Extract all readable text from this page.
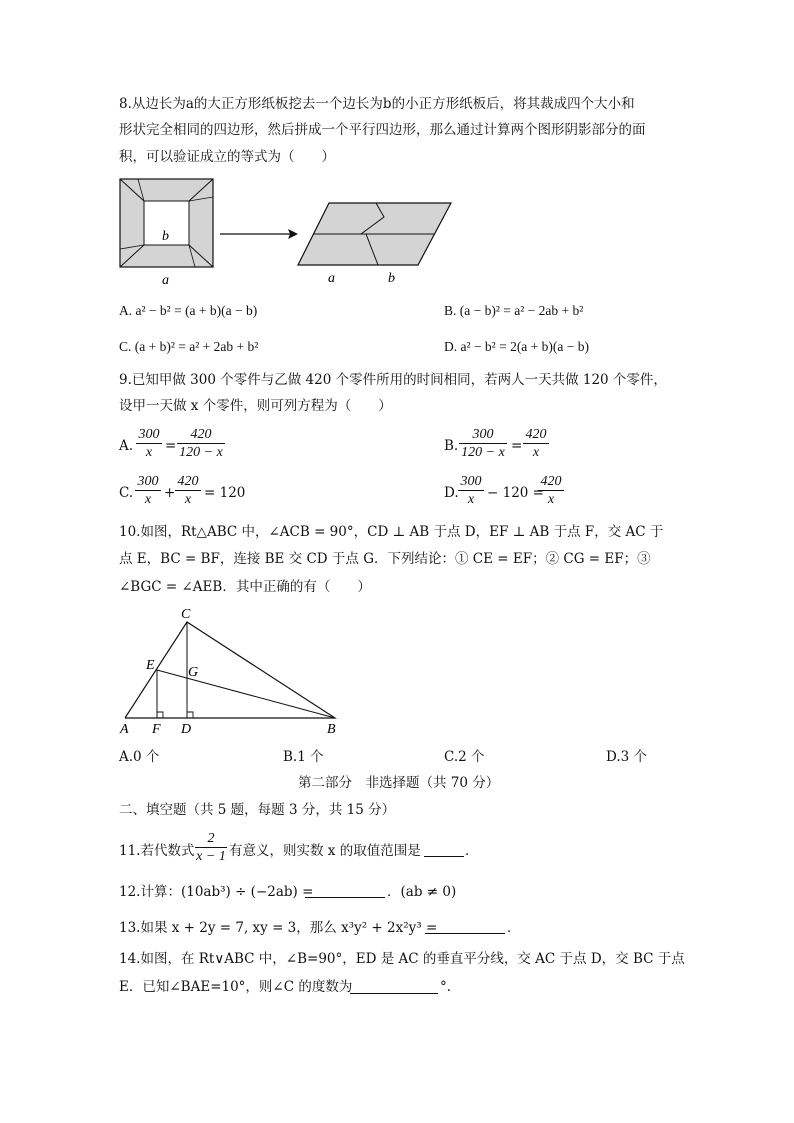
8.从边长为a的大正方形纸板挖去一个边长为b的小正方形纸板后，将其裁成四个大小和
形状完全相同的四边形，然后拼成一个平行四边形，那么通过计算两个图形阴影部分的面
积，可以验证成立的等式为（　　）
b
a	a	b
A. a² − b² = (a + b)(a − b)	B. (a − b)² = a² − 2ab + b²
C. (a + b)² = a² + 2ab + b²	D. a² − b² = 2(a + b)(a − b)
9.已知甲做 300 个零件与乙做 420 个零件所用的时间相同，若两人一天共做 120 个零件，
设甲一天做 x 个零件，则可列方程为（　　）
A. $\frac{300}{x} = \frac{420}{120 - x}$	B. $\frac{300}{120 - x} = \frac{420}{x}$
C. $\frac{300}{x} + \frac{420}{x} = 120$	D. $\frac{300}{x} - 120$ =
$\frac{420}{x}$
10.如图，Rt△ABC 中，∠ACB = 90°，CD ⊥ AB 于点 D，EF ⊥ AB 于点 F，交 AC 于
点 E，BC = BF，连接 BE 交 CD 于点 G．下列结论：① CE = EF；② CG = EF；③
∠BGC = ∠AEB．其中正确的有（　　）
C
E G
A F D	B
A.0 个	B.1 个	C.2 个	D.3 个
第二部分　非选择题（共 70 分）
二、填空题（共 5 题，每题 3 分，共 15 分）
11.若代数式 $\frac{2}{x - 1}$ 有意义，则实数 x 的取值范围是	．
12.计算：(10ab³) ÷ (−2ab) =	．(ab ≠ 0)
13.如果 x + 2y = 7, xy = 3，那么 x³y² + 2x²y³ =	．
14.如图，在 Rt∨ABC 中，∠B=90°，ED 是 AC 的垂直平分线，交 AC 于点 D，交 BC 于点
E．已知∠BAE=10°，则∠C 的度数为	°.
